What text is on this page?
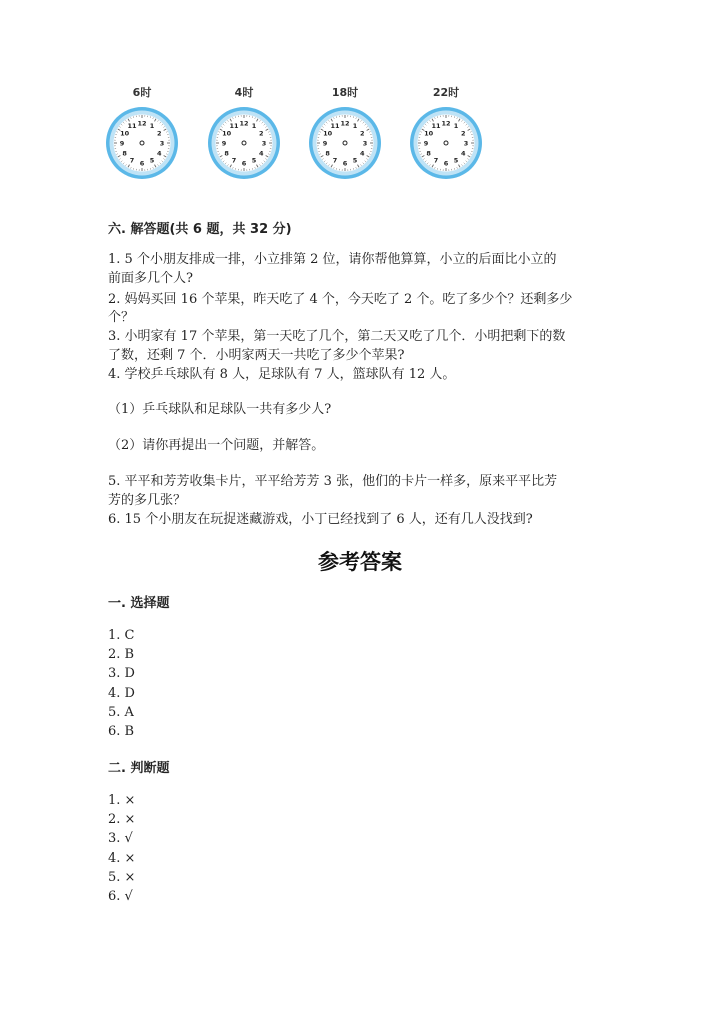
6时
12 1
2
3
4
5
6
7
8
9
10
11
4时
12 1
2
3
4
5
6
7
8
9
10
11
18时
12 1
2
3
4
5
6
7
8
9
10
11
22时
12 1
2
3
4
5
6
7
8
9
10
11
六. 解答题(共 6 题，共 32 分)
1. 5 个小朋友排成一排，小立排第 2 位，请你帮他算算，小立的后面比小立的
前面多几个人?
2. 妈妈买回 16 个苹果，昨天吃了 4 个，今天吃了 2 个。吃了多少个？还剩多少
个？
3. 小明家有 17 个苹果，第一天吃了几个，第二天又吃了几个．小明把剩下的数
了数，还剩 7 个．小明家两天一共吃了多少个苹果?
4. 学校乒乓球队有 8 人，足球队有 7 人，篮球队有 12 人。
（1）乒乓球队和足球队一共有多少人?
（2）请你再提出一个问题，并解答。
5. 平平和芳芳收集卡片，平平给芳芳 3 张，他们的卡片一样多，原来平平比芳
芳的多几张？
6. 15 个小朋友在玩捉迷藏游戏，小丁已经找到了 6 人，还有几人没找到?
参考答案
一. 选择题
1. C
2. B
3. D
4. D
5. A
6. B
二. 判断题
1. ×
2. ×
3. √
4. ×
5. ×
6. √
